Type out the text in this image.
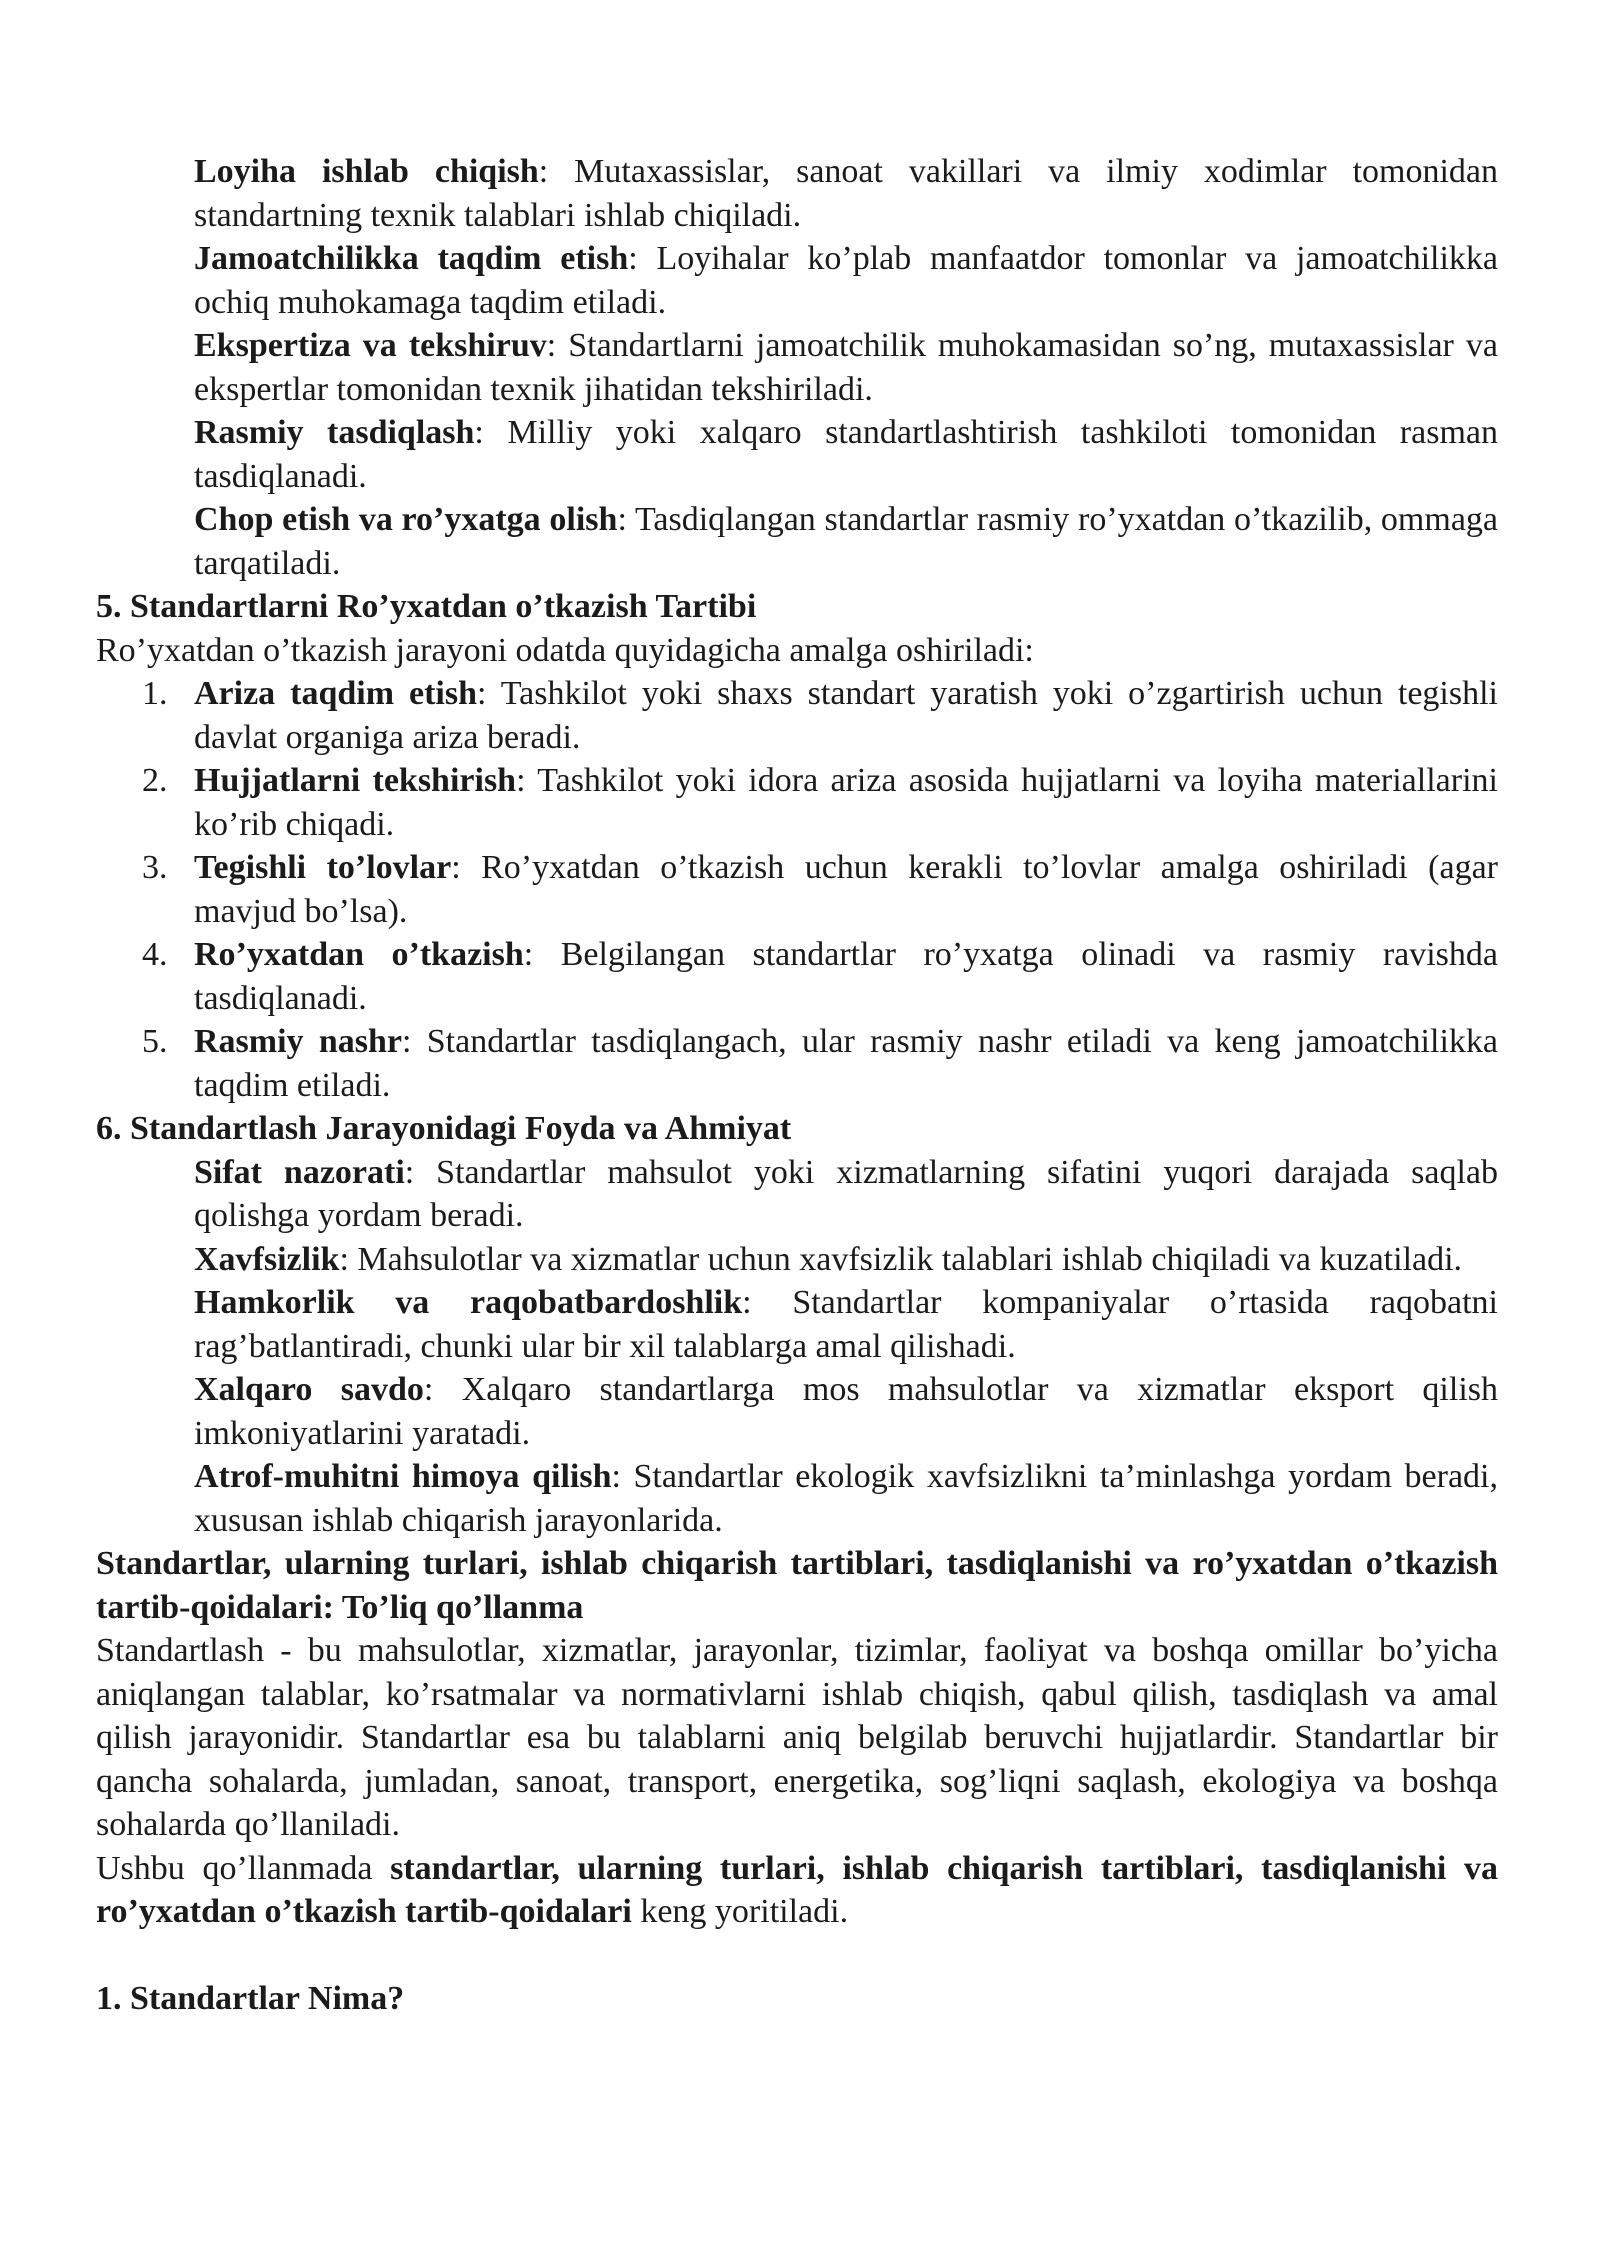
Loyiha ishlab chiqish: Mutaxassislar, sanoat vakillari va ilmiy xodimlar tomonidan standartning texnik talablari ishlab chiqiladi.
Jamoatchilikka taqdim etish: Loyihalar ko’plab manfaatdor tomonlar va jamoatchilikka ochiq muhokamaga taqdim etiladi.
Ekspertiza va tekshiruv: Standartlarni jamoatchilik muhokamasidan so’ng, mutaxassislar va ekspertlar tomonidan texnik jihatidan tekshiriladi.
Rasmiy tasdiqlash: Milliy yoki xalqaro standartlashtirish tashkiloti tomonidan rasman tasdiqlanadi.
Chop etish va ro’yxatga olish: Tasdiqlangan standartlar rasmiy ro’yxatdan o’tkazilib, ommaga tarqatiladi.
5. Standartlarni Ro’yxatdan o’tkazish Tartibi
Ro’yxatdan o’tkazish jarayoni odatda quyidagicha amalga oshiriladi:
1. Ariza taqdim etish: Tashkilot yoki shaxs standart yaratish yoki o’zgartirish uchun tegishli davlat organiga ariza beradi.
2. Hujjatlarni tekshirish: Tashkilot yoki idora ariza asosida hujjatlarni va loyiha materiallarini ko’rib chiqadi.
3. Tegishli to’lovlar: Ro’yxatdan o’tkazish uchun kerakli to’lovlar amalga oshiriladi (agar mavjud bo’lsa).
4. Ro’yxatdan o’tkazish: Belgilangan standartlar ro’yxatga olinadi va rasmiy ravishda tasdiqlanadi.
5. Rasmiy nashr: Standartlar tasdiqlangach, ular rasmiy nashr etiladi va keng jamoatchilikka taqdim etiladi.
6. Standartlash Jarayonidagi Foyda va Ahmiyat
Sifat nazorati: Standartlar mahsulot yoki xizmatlarning sifatini yuqori darajada saqlab qolishga yordam beradi.
Xavfsizlik: Mahsulotlar va xizmatlar uchun xavfsizlik talablari ishlab chiqiladi va kuzatiladi.
Hamkorlik va raqobatbardoshlik: Standartlar kompaniyalar o’rtasida raqobatni rag’batlantiradi, chunki ular bir xil talablarga amal qilishadi.
Xalqaro savdo: Xalqaro standartlarga mos mahsulotlar va xizmatlar eksport qilish imkoniyatlarini yaratadi.
Atrof-muhitni himoya qilish: Standartlar ekologik xavfsizlikni ta’minlashga yordam beradi, xususan ishlab chiqarish jarayonlarida.
Standartlar, ularning turlari, ishlab chiqarish tartiblari, tasdiqlanishi va ro’yxatdan o’tkazish tartib-qoidalari: To’liq qo’llanma
Standartlash - bu mahsulotlar, xizmatlar, jarayonlar, tizimlar, faoliyat va boshqa omillar bo’yicha aniqlangan talablar, ko’rsatmalar va normativlarni ishlab chiqish, qabul qilish, tasdiqlash va amal qilish jarayonidir. Standartlar esa bu talablarni aniq belgilab beruvchi hujjatlardir. Standartlar bir qancha sohalarda, jumladan, sanoat, transport, energetika, sog’liqni saqlash, ekologiya va boshqa sohalarda qo’llaniladi.
Ushbu qo’llanmada standartlar, ularning turlari, ishlab chiqarish tartiblari, tasdiqlanishi va ro’yxatdan o’tkazish tartib-qoidalari keng yoritiladi.
1. Standartlar Nima?
